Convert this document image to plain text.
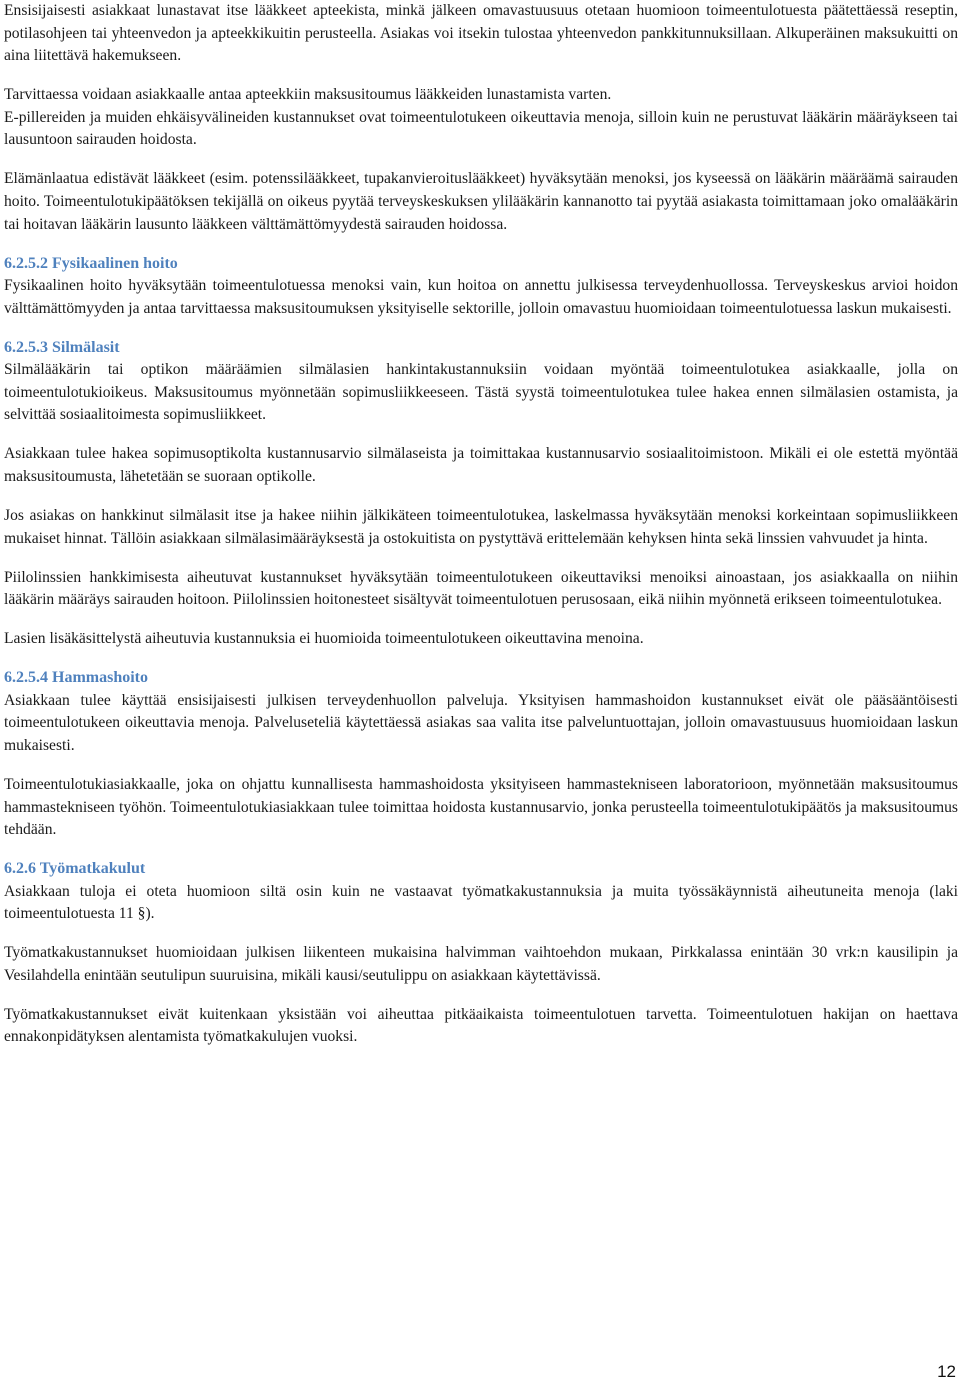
Ensisijaisesti asiakkaat lunastavat itse lääkkeet apteekista, minkä jälkeen omavastuusuus otetaan huomioon toimeentulotuesta päätettäessä reseptin, potilasohjeen tai yhteenvedon ja apteekkikuitin perusteella. Asiakas voi itsekin tulostaa yhteenvedon pankkitunnuksillaan. Alkuperäinen maksukuitti on aina liitettävä hakemukseen.

Tarvittaessa voidaan asiakkaalle antaa apteekkiin maksusitoumus lääkkeiden lunastamista varten.

E-pillereiden ja muiden ehkäisyvälineiden kustannukset ovat toimeentulotukeen oikeuttavia menoja, silloin kuin ne perustuvat lääkärin määräykseen tai lausuntoon sairauden hoidosta.

Elämänlaatua edistävät lääkkeet (esim. potenssilääkkeet, tupakanvieroituslääkkeet) hyväksytään menoksi, jos kyseessä on lääkärin määräämä sairauden hoito. Toimeentulotukipäätöksen tekijällä on oikeus pyytää terveyskeskuksen ylilääkärin kannanotto tai pyytää asiakasta toimittamaan joko omalääkärin tai hoitavan lääkärin lausunto lääkkeen välttämättömyydestä sairauden hoidossa.

6.2.5.2 Fysikaalinen hoito

Fysikaalinen hoito hyväksytään toimeentulotuessa menoksi vain, kun hoitoa on annettu julkisessa terveydenhuollossa. Terveyskeskus arvioi hoidon välttämättömyyden ja antaa tarvittaessa maksusitoumuksen yksityiselle sektorille, jolloin omavastuu huomioidaan toimeentulotuessa laskun mukaisesti.

6.2.5.3 Silmälasit

Silmälääkärin tai optikon määräämien silmälasien hankintakustannuksiin voidaan myöntää toimeentulotukea asiakkaalle, jolla on toimeentulotukioikeus. Maksusitoumus myönnetään sopimusliikkeeseen. Tästä syystä toimeentulotukea tulee hakea ennen silmälasien ostamista, ja selvittää sosiaalitoimesta sopimusliikkeet.

Asiakkaan tulee hakea sopimusoptikolta kustannusarvio silmälaseista ja toimittakaa kustannusarvio sosiaalitoimistoon. Mikäli ei ole estettä myöntää maksusitoumusta, lähetetään se suoraan optikolle.

Jos asiakas on hankkinut silmälasit itse ja hakee niihin jälkikäteen toimeentulotukea, laskelmassa hyväksytään menoksi korkeintaan sopimusliikkeen mukaiset hinnat. Tällöin asiakkaan silmälasimääräyksestä ja ostokuitista on pystyttävä erittelemään kehyksen hinta sekä linssien vahvuudet ja hinta.

Piilolinssien hankkimisesta aiheutuvat kustannukset hyväksytään toimeentulotukeen oikeuttaviksi menoiksi ainoastaan, jos asiakkaalla on niihin lääkärin määräys sairauden hoitoon. Piilolinssien hoitonesteet sisältyvät toimeentulotuen perusosaan, eikä niihin myönnetä erikseen toimeentulotukea.

Lasien lisäkäsittelystä aiheutuvia kustannuksia ei huomioida toimeentulotukeen oikeuttavina menoina.

6.2.5.4 Hammashoito

Asiakkaan tulee käyttää ensisijaisesti julkisen terveydenhuollon palveluja. Yksityisen hammashoidon kustannukset eivät ole pääsääntöisesti toimeentulotukeen oikeuttavia menoja. Palvelusetеliä käytettäessä asiakas saa valita itse palveluntuottajan, jolloin omavastuusuus huomioidaan laskun mukaisesti.

Toimeentulotukiasiakkaalle, joka on ohjattu kunnallisesta hammashoidosta yksityiseen hammastekniseen laboratorioon, myönnetään maksusitoumus hammastekniseen työhön. Toimeentulotukiasiakkaan tulee toimittaa hoidosta kustannusarvio, jonka perusteella toimeentulotukipäätös ja maksusitoumus tehdään.

6.2.6 Työmatkakulut

Asiakkaan tuloja ei oteta huomioon siltä osin kuin ne vastaavat työmatkakustannuksia ja muita työssäkäynnistä aiheutuneita menoja (laki toimeentulotuesta 11 §).

Työmatkakustannukset huomioidaan julkisen liikenteen mukaisina halvimman vaihtoehdon mukaan, Pirkkalassa enintään 30 vrk:n kausilipin ja Vesilahdella enintään seutulipun suuruisina, mikäli kausi/seutulippu on asiakkaan käytettävissä.

Työmatkakustannukset eivät kuitenkaan yksistään voi aiheuttaa pitkäaikaista toimeentulotuen tarvetta. Toimeentulotuen hakijan on haettava ennakonpidätyksen alentamista työmatkakulujen vuoksi.

12
